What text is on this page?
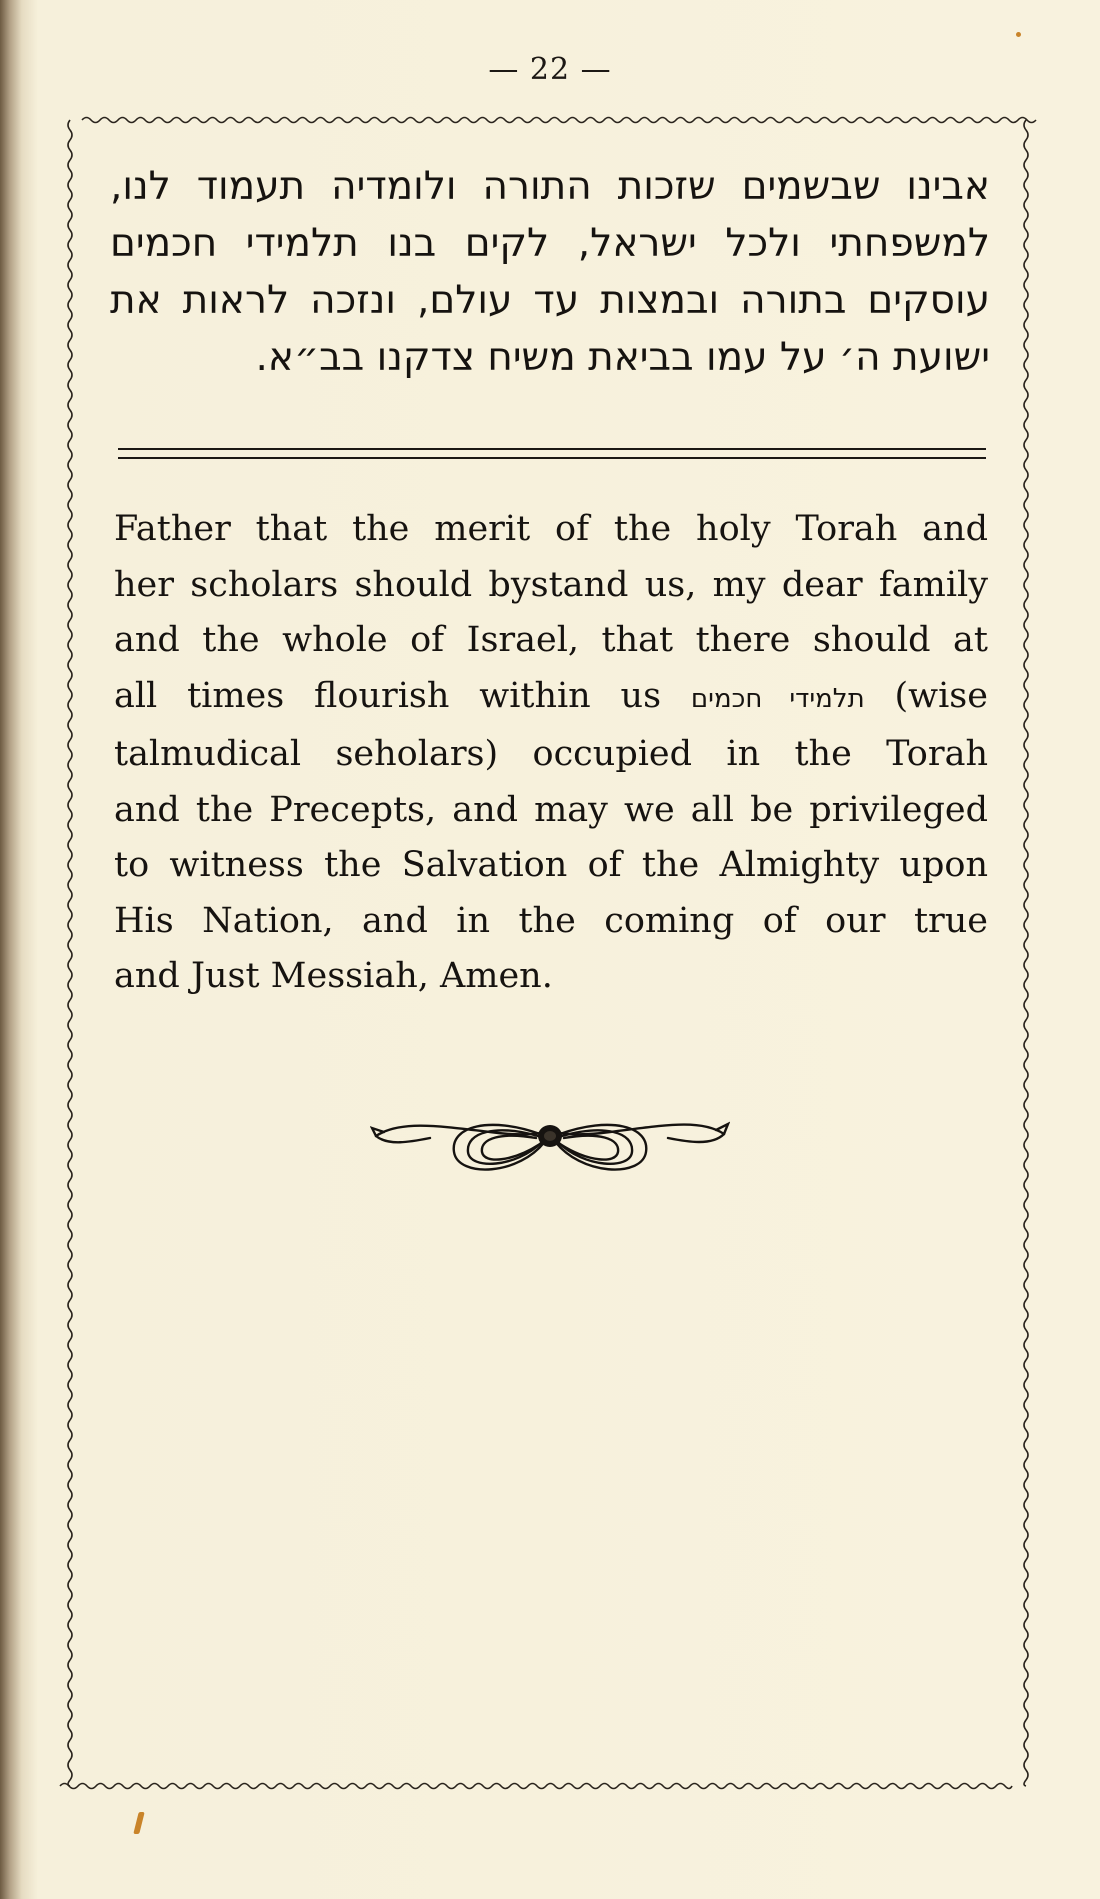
— 22 —
אבינו שבשמים שזכות התורה ולומדיה תעמוד לנו,
למשפחתי ולכל ישראל, לקים בנו תלמידי חכמים
עוסקים בתורה ובמצות עד עולם, ונזכה לראות את
ישועת ה׳ על עמו בביאת משיח צדקנו בב״א.
Father that the merit of the holy Torah and
her scholars should bystand us, my dear family
and the whole of Israel, that there should at
all times flourish within us תלמידי חכמים (wise
talmudical seholars) occupied in the Torah
and the Precepts, and may we all be privileged
to witness the Salvation of the Almighty upon
His Nation, and in the coming of our true
and Just Messiah, Amen.
